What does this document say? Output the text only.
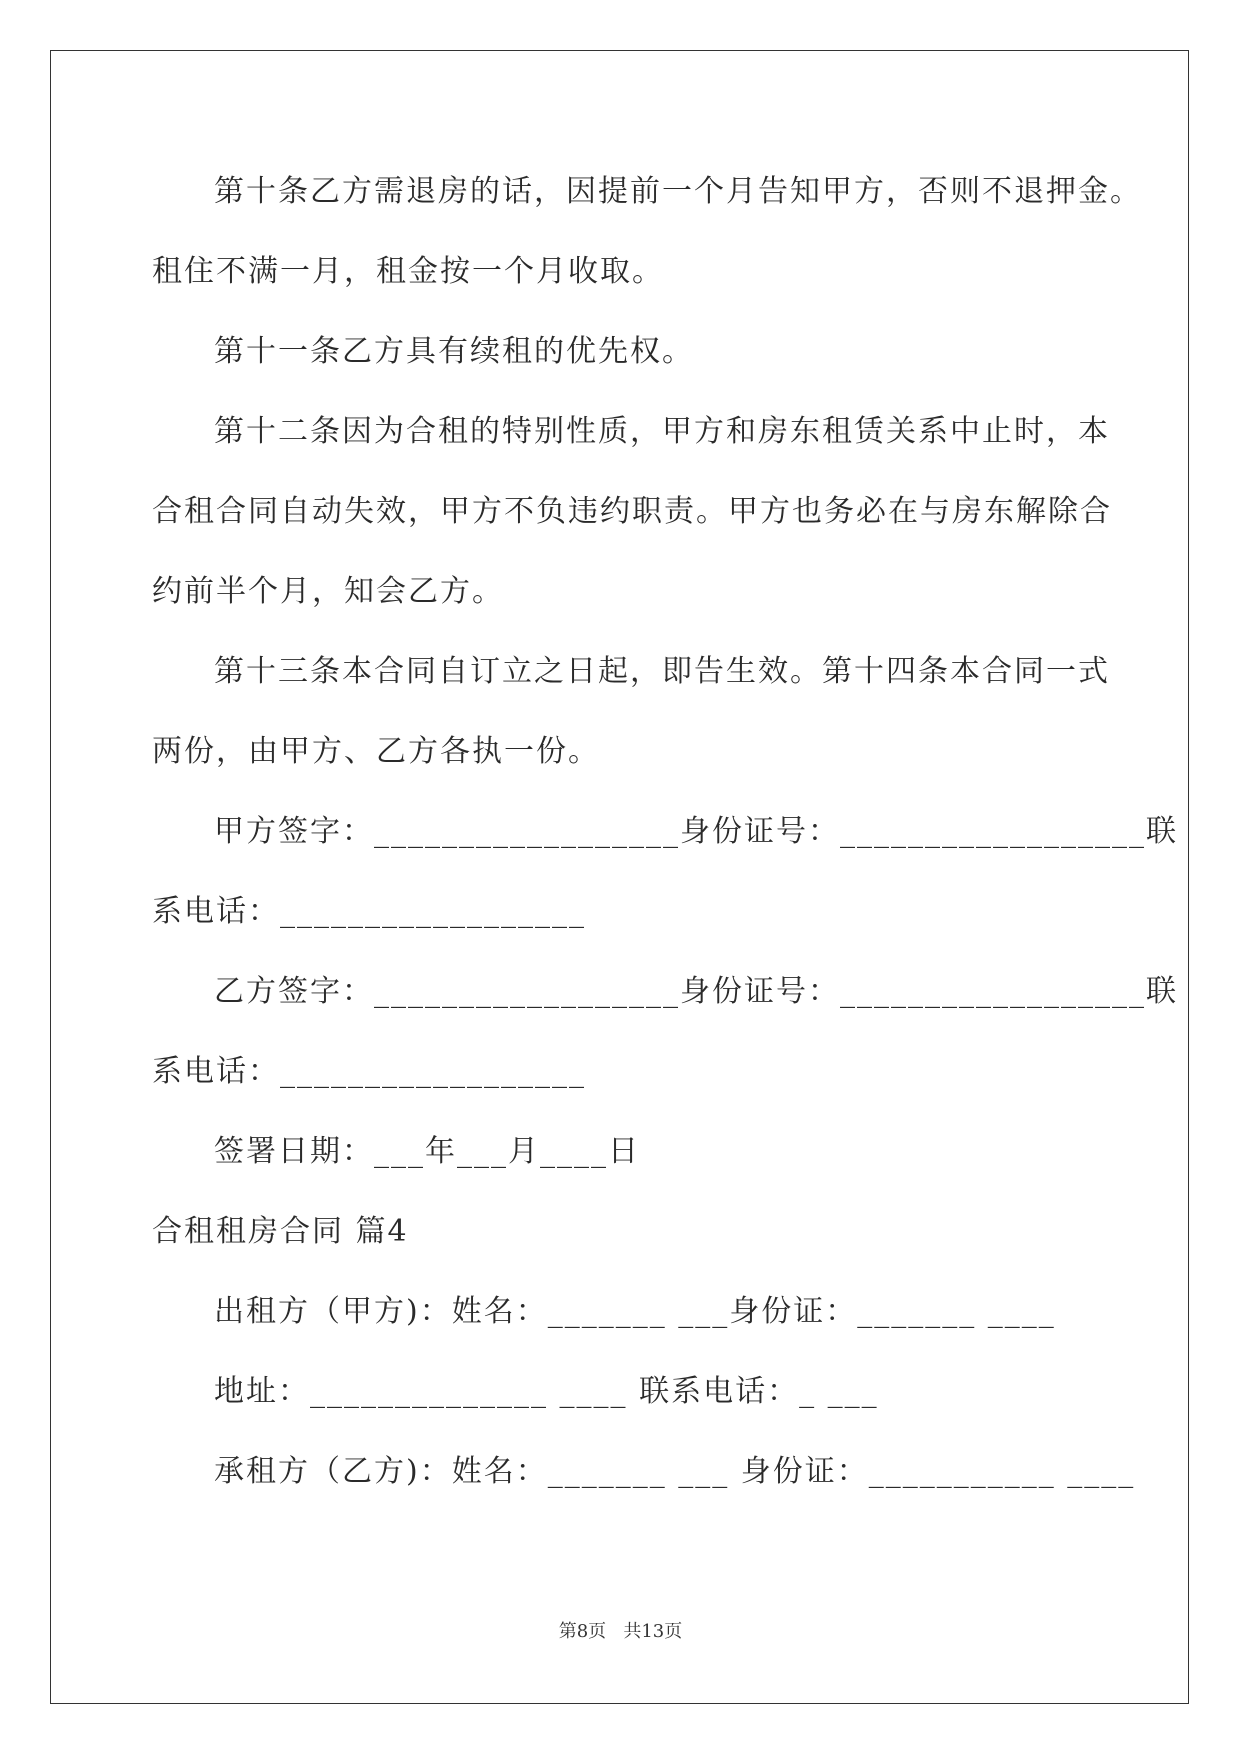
第十条乙方需退房的话，因提前一个月告知甲方，否则不退押金。
租住不满一月，租金按一个月收取。
第十一条乙方具有续租的优先权。
第十二条因为合租的特别性质，甲方和房东租赁关系中止时，本
合租合同自动失效，甲方不负违约职责。甲方也务必在与房东解除合
约前半个月，知会乙方。
第十三条本合同自订立之日起，即告生效。第十四条本合同一式
两份，由甲方、乙方各执一份。
甲方签字：__________________身份证号：__________________联
系电话：__________________
乙方签字：__________________身份证号：__________________联
系电话：__________________
签署日期：___年___月____日
合租租房合同 篇4
出租方（甲方)：姓名：_______ ___身份证：_______ ____
地址：______________ ____ 联系电话：_ ___
承租方（乙方)：姓名：_______ ___ 身份证：___________ ____
第8页   共13页
